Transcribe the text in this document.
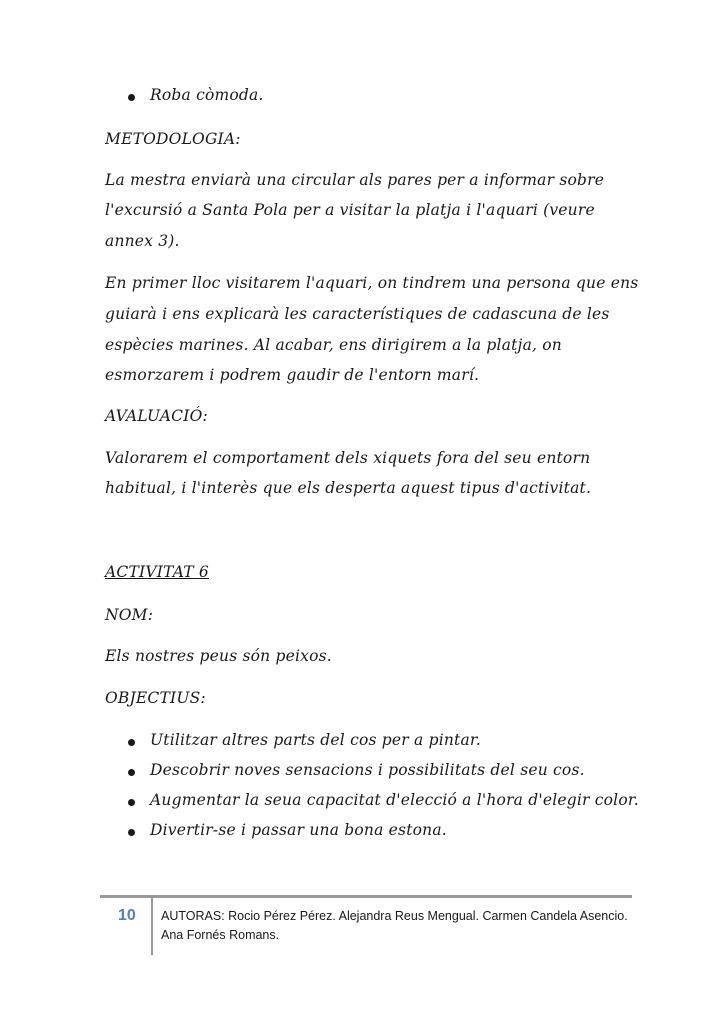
Roba còmoda.
METODOLOGIA:
La mestra enviarà una circular als pares per a informar sobre
l'excursió a Santa Pola per a visitar la platja i l'aquari (veure
annex 3).
En primer lloc visitarem l'aquari, on tindrem una persona que ens
guiarà i ens explicarà les característiques de cadascuna de les
espècies marines. Al acabar, ens dirigirem a la platja, on
esmorzarem i podrem gaudir de l'entorn marí.
AVALUACIÓ:
Valorarem el comportament dels xiquets fora del seu entorn
habitual, i l'interès que els desperta aquest tipus d'activitat.
ACTIVITAT 6
NOM:
Els nostres peus són peixos.
OBJECTIUS:
Utilitzar altres parts del cos per a pintar.
Descobrir noves sensacions i possibilitats del seu cos.
Augmentar la seua capacitat d'elecció a l'hora d'elegir color.
Divertir-se i passar una bona estona.
10	AUTORAS: Rocio Pérez Pérez. Alejandra Reus Mengual. Carmen Candela Asencio.
Ana Fornés Romans.
